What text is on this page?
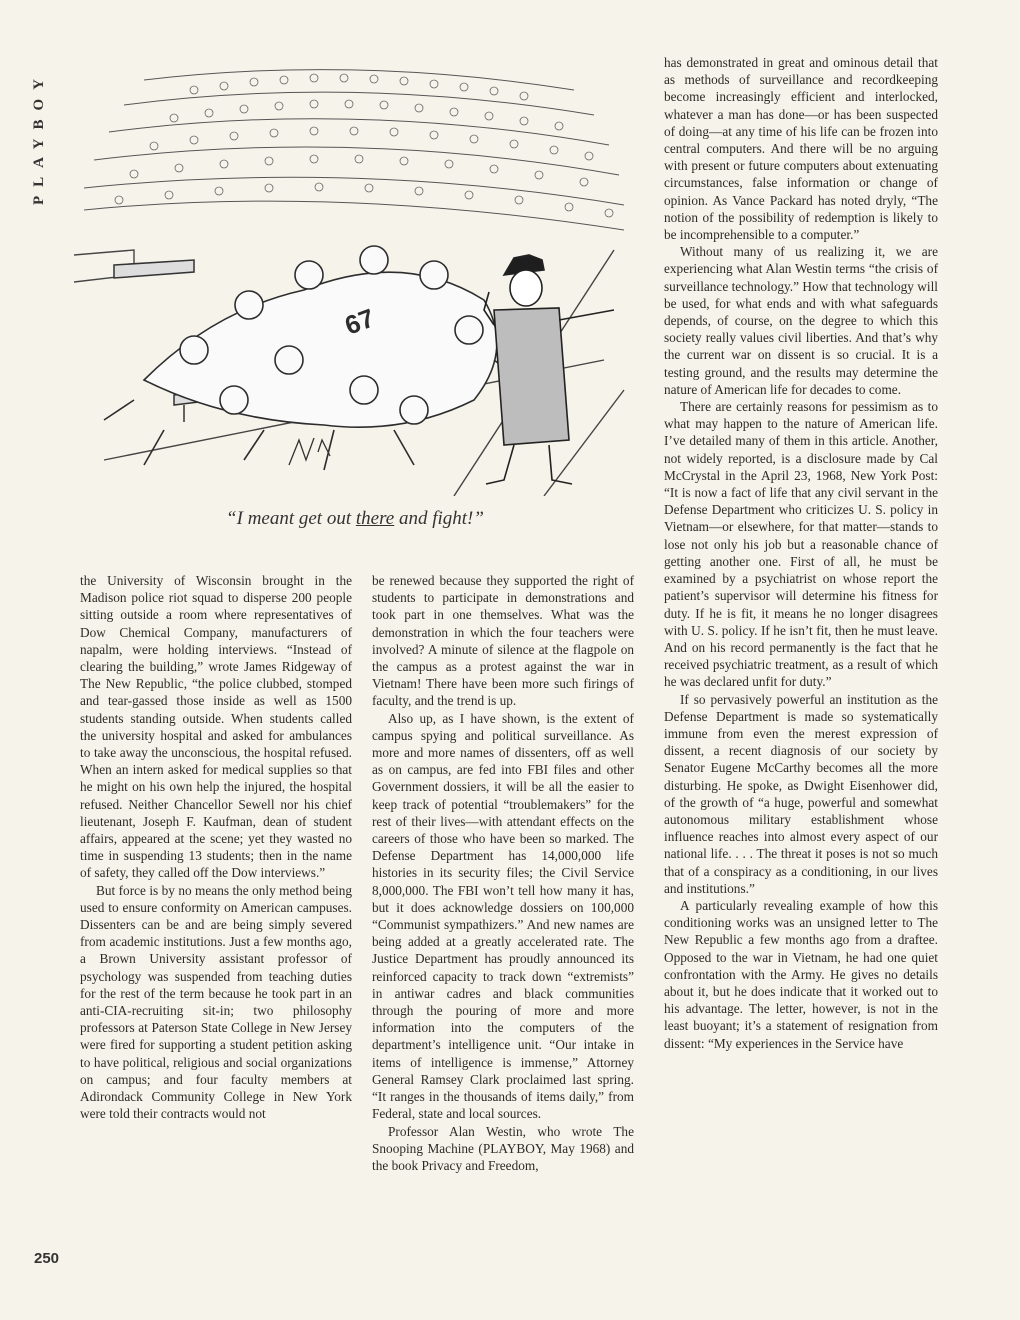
PLAYBOY
67
“I meant get out there and fight!”

the University of Wisconsin brought in the Madison police riot squad to disperse 200 people sitting outside a room where representatives of Dow Chemical Company, manufacturers of napalm, were holding interviews. “Instead of clearing the building,” wrote James Ridgeway of The New Republic, “the police clubbed, stomped and tear-gassed those inside as well as 1500 students standing outside. When students called the university hospital and asked for ambulances to take away the unconscious, the hospital refused. When an intern asked for medical supplies so that he might on his own help the injured, the hospital refused. Neither Chancellor Sewell nor his chief lieutenant, Joseph F. Kaufman, dean of student affairs, appeared at the scene; yet they wasted no time in suspending 13 students; then in the name of safety, they called off the Dow interviews.”

But force is by no means the only method being used to ensure conformity on American campuses. Dissenters can be and are being simply severed from academic institutions. Just a few months ago, a Brown University assistant professor of psychology was suspended from teaching duties for the rest of the term because he took part in an anti-CIA-recruiting sit-in; two philosophy professors at Paterson State College in New Jersey were fired for supporting a student petition asking to have political, religious and social organizations on campus; and four faculty members at Adirondack Community College in New York were told their contracts would not

be renewed because they supported the right of students to participate in demonstrations and took part in one themselves. What was the demonstration in which the four teachers were involved? A minute of silence at the flagpole on the campus as a protest against the war in Vietnam! There have been more such firings of faculty, and the trend is up.

Also up, as I have shown, is the extent of campus spying and political surveillance. As more and more names of dissenters, off as well as on campus, are fed into FBI files and other Government dossiers, it will be all the easier to keep track of potential “troublemakers” for the rest of their lives—with attendant effects on the careers of those who have been so marked. The Defense Department has 14,000,000 life histories in its security files; the Civil Service 8,000,000. The FBI won’t tell how many it has, but it does acknowledge dossiers on 100,000 “Communist sympathizers.” And new names are being added at a greatly accelerated rate. The Justice Department has proudly announced its reinforced capacity to track down “extremists” in antiwar cadres and black communities through the pouring of more and more information into the computers of the department’s intelligence unit. “Our intake in items of intelligence is immense,” Attorney General Ramsey Clark proclaimed last spring. “It ranges in the thousands of items daily,” from Federal, state and local sources.

Professor Alan Westin, who wrote The Snooping Machine (PLAYBOY, May 1968) and the book Privacy and Freedom,

has demonstrated in great and ominous detail that as methods of surveillance and recordkeeping become increasingly efficient and interlocked, whatever a man has done—or has been suspected of doing—at any time of his life can be frozen into central computers. And there will be no arguing with present or future computers about extenuating circumstances, false information or change of opinion. As Vance Packard has noted dryly, “The notion of the possibility of redemption is likely to be incomprehensible to a computer.”

Without many of us realizing it, we are experiencing what Alan Westin terms “the crisis of surveillance technology.” How that technology will be used, for what ends and with what safeguards depends, of course, on the degree to which this society really values civil liberties. And that’s why the current war on dissent is so crucial. It is a testing ground, and the results may determine the nature of American life for decades to come.

There are certainly reasons for pessimism as to what may happen to the nature of American life. I’ve detailed many of them in this article. Another, not widely reported, is a disclosure made by Cal McCrystal in the April 23, 1968, New York Post: “It is now a fact of life that any civil servant in the Defense Department who criticizes U. S. policy in Vietnam—or elsewhere, for that matter—stands to lose not only his job but a reasonable chance of getting another one. First of all, he must be examined by a psychiatrist on whose report the patient’s supervisor will determine his fitness for duty. If he is fit, it means he no longer disagrees with U. S. policy. If he isn’t fit, then he must leave. And on his record permanently is the fact that he received psychiatric treatment, as a result of which he was declared unfit for duty.”

If so pervasively powerful an institution as the Defense Department is made so systematically immune from even the merest expression of dissent, a recent diagnosis of our society by Senator Eugene McCarthy becomes all the more disturbing. He spoke, as Dwight Eisenhower did, of the growth of “a huge, powerful and somewhat autonomous military establishment whose influence reaches into almost every aspect of our national life. . . . The threat it poses is not so much that of a conspiracy as a conditioning, in our lives and institutions.”

A particularly revealing example of how this conditioning works was an unsigned letter to The New Republic a few months ago from a draftee. Opposed to the war in Vietnam, he had one quiet confrontation with the Army. He gives no details about it, but he does indicate that it worked out to his advantage. The letter, however, is not in the least buoyant; it’s a statement of resignation from dissent: “My experiences in the Service have

250
